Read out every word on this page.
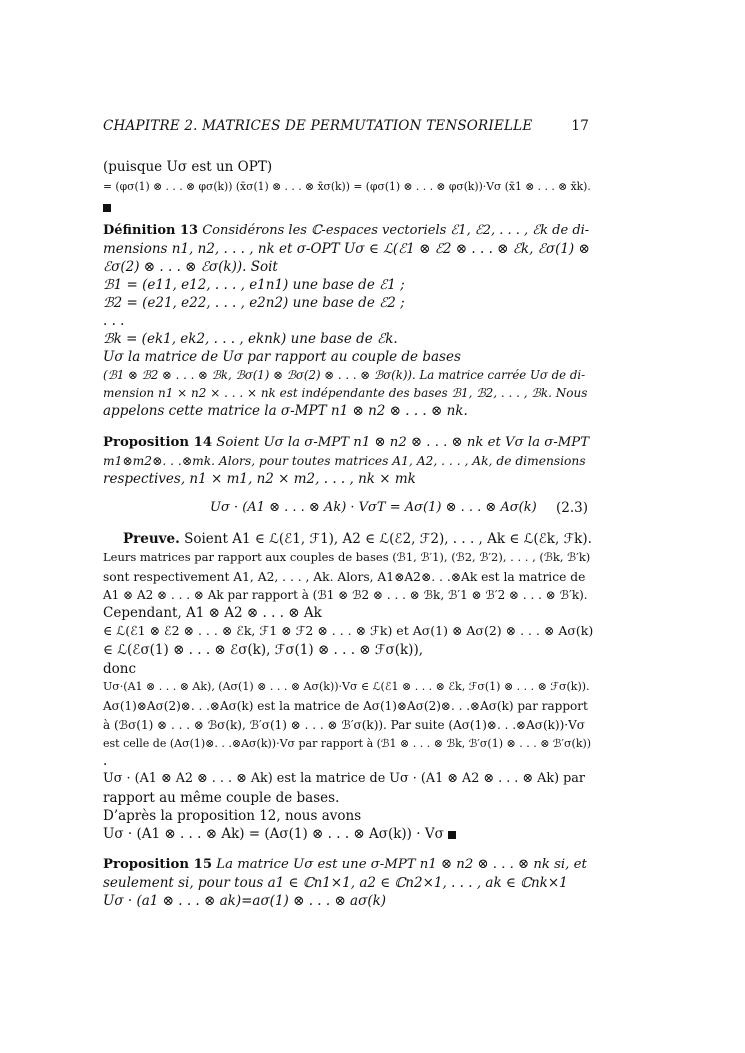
CHAPITRE 2. MATRICES DE PERMUTATION TENSORIELLE	17
(puisque Uσ est un OPT)
= (φσ(1) ⊗ . . . ⊗ φσ(k)) (x̄σ(1) ⊗ . . . ⊗ x̄σ(k)) = (φσ(1) ⊗ . . . ⊗ φσ(k))·Vσ (x̄1 ⊗ . . . ⊗ x̄k).
Définition 13 Considérons les ℂ-espaces vectoriels ℰ1, ℰ2, . . . , ℰk de di-
mensions n1, n2, . . . , nk et σ-OPT Uσ ∈ ℒ(ℰ1 ⊗ ℰ2 ⊗ . . . ⊗ ℰk, ℰσ(1) ⊗
ℰσ(2) ⊗ . . . ⊗ ℰσ(k)). Soit
ℬ1 = (e11, e12, . . . , e1n1) une base de ℰ1 ;
ℬ2 = (e21, e22, . . . , e2n2) une base de ℰ2 ;
. . .
ℬk = (ek1, ek2, . . . , eknk) une base de ℰk.
Uσ la matrice de Uσ par rapport au couple de bases
(ℬ1 ⊗ ℬ2 ⊗ . . . ⊗ ℬk, ℬσ(1) ⊗ ℬσ(2) ⊗ . . . ⊗ ℬσ(k)). La matrice carrée Uσ de di-
mension n1 × n2 × . . . × nk est indépendante des bases ℬ1, ℬ2, . . . , ℬk. Nous
appelons cette matrice la σ-MPT n1 ⊗ n2 ⊗ . . . ⊗ nk.
Proposition 14 Soient Uσ la σ-MPT n1 ⊗ n2 ⊗ . . . ⊗ nk et Vσ la σ-MPT
m1⊗m2⊗. . .⊗mk. Alors, pour toutes matrices A1, A2, . . . , Ak, de dimensions
respectives, n1 × m1, n2 × m2, . . . , nk × mk
Uσ · (A1 ⊗ . . . ⊗ Ak) · VσT = Aσ(1) ⊗ . . . ⊗ Aσ(k) (2.3)
Preuve. Soient A1 ∈ ℒ(ℰ1, ℱ1), A2 ∈ ℒ(ℰ2, ℱ2), . . . , Ak ∈ ℒ(ℰk, ℱk).
Leurs matrices par rapport aux couples de bases (ℬ1, ℬ′1), (ℬ2, ℬ′2), . . . , (ℬk, ℬ′k)
sont respectivement A1, A2, . . . , Ak. Alors, A1⊗A2⊗. . .⊗Ak est la matrice de
A1 ⊗ A2 ⊗ . . . ⊗ Ak par rapport à (ℬ1 ⊗ ℬ2 ⊗ . . . ⊗ ℬk, ℬ′1 ⊗ ℬ′2 ⊗ . . . ⊗ ℬ′k).
Cependant, A1 ⊗ A2 ⊗ . . . ⊗ Ak
∈ ℒ(ℰ1 ⊗ ℰ2 ⊗ . . . ⊗ ℰk, ℱ1 ⊗ ℱ2 ⊗ . . . ⊗ ℱk) et Aσ(1) ⊗ Aσ(2) ⊗ . . . ⊗ Aσ(k)
∈ ℒ(ℰσ(1) ⊗ . . . ⊗ ℰσ(k), ℱσ(1) ⊗ . . . ⊗ ℱσ(k)),
donc
Uσ·(A1 ⊗ . . . ⊗ Ak), (Aσ(1) ⊗ . . . ⊗ Aσ(k))·Vσ ∈ ℒ(ℰ1 ⊗ . . . ⊗ ℰk, ℱσ(1) ⊗ . . . ⊗ ℱσ(k)).
Aσ(1)⊗Aσ(2)⊗. . .⊗Aσ(k) est la matrice de Aσ(1)⊗Aσ(2)⊗. . .⊗Aσ(k) par rapport
à (ℬσ(1) ⊗ . . . ⊗ ℬσ(k), ℬ′σ(1) ⊗ . . . ⊗ ℬ′σ(k)). Par suite (Aσ(1)⊗. . .⊗Aσ(k))·Vσ
est celle de (Aσ(1)⊗. . .⊗Aσ(k))·Vσ par rapport à (ℬ1 ⊗ . . . ⊗ ℬk, ℬ′σ(1) ⊗ . . . ⊗ ℬ′σ(k))
.
Uσ · (A1 ⊗ A2 ⊗ . . . ⊗ Ak) est la matrice de Uσ · (A1 ⊗ A2 ⊗ . . . ⊗ Ak) par
rapport au même couple de bases.
D’après la proposition 12, nous avons
Uσ · (A1 ⊗ . . . ⊗ Ak) = (Aσ(1) ⊗ . . . ⊗ Aσ(k)) · Vσ
Proposition 15 La matrice Uσ est une σ-MPT n1 ⊗ n2 ⊗ . . . ⊗ nk si, et
seulement si, pour tous a1 ∈ ℂn1×1, a2 ∈ ℂn2×1, . . . , ak ∈ ℂnk×1
Uσ · (a1 ⊗ . . . ⊗ ak)=aσ(1) ⊗ . . . ⊗ aσ(k)
